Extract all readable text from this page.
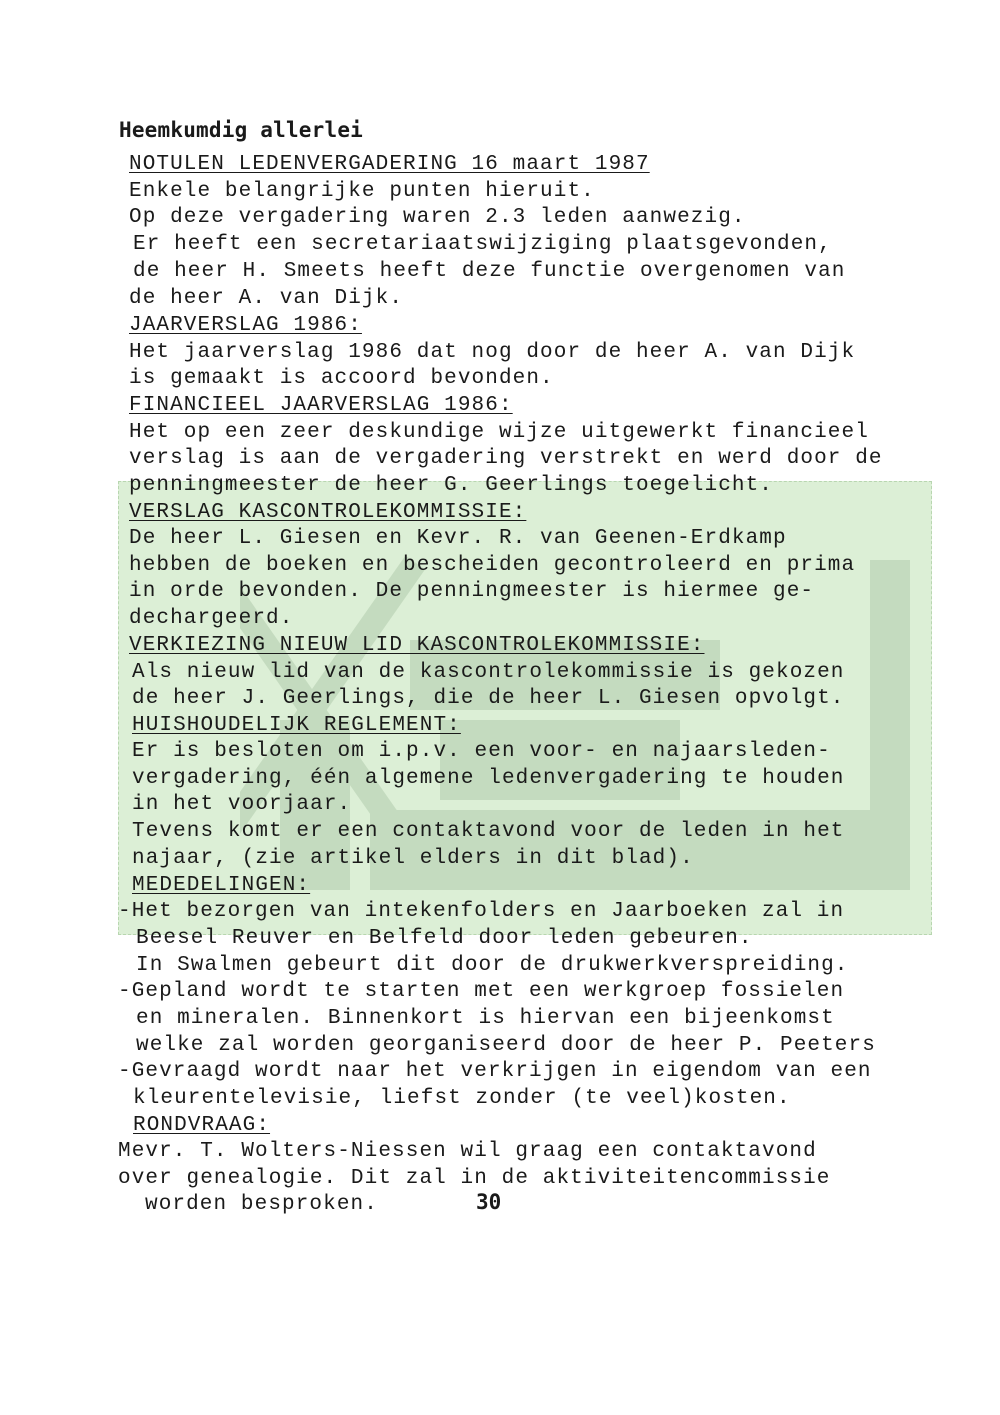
Heemkumdig allerlei
NOTULEN LEDENVERGADERING 16 maart 1987
Enkele belangrijke punten hieruit.
Op deze vergadering waren 2.3 leden aanwezig.
Er heeft een secretariaatswijziging plaatsgevonden,
de heer H. Smeets heeft deze functie overgenomen van
de heer A. van Dijk.
JAARVERSLAG 1986:
Het jaarverslag 1986 dat nog door de heer A. van Dijk
is gemaakt is accoord bevonden.
FINANCIEEL JAARVERSLAG 1986:
Het op een zeer deskundige wijze uitgewerkt financieel
verslag is aan de vergadering verstrekt en werd door de
penningmeester de heer G. Geerlings toegelicht.
VERSLAG KASCONTROLEKOMMISSIE:
De heer L. Giesen en Kevr. R. van Geenen-Erdkamp
hebben de boeken en bescheiden gecontroleerd en prima
in orde bevonden. De penningmeester is hiermee ge-
dechargeerd.
VERKIEZING NIEUW LID KASCONTROLEKOMMISSIE:
Als nieuw lid van de kascontrolekommissie is gekozen
de heer J. Geerlings, die de heer L. Giesen opvolgt.
HUISHOUDELIJK REGLEMENT:
Er is besloten om i.p.v. een voor- en najaarsleden-
vergadering, één algemene ledenvergadering te houden
in het voorjaar.
Tevens komt er een contaktavond voor de leden in het
najaar, (zie artikel elders in dit blad).
MEDEDELINGEN:
-Het bezorgen van intekenfolders en Jaarboeken zal in
Beesel Reuver en Belfeld door leden gebeuren.
In Swalmen gebeurt dit door de drukwerkverspreiding.
-Gepland wordt te starten met een werkgroep fossielen
en mineralen. Binnenkort is hiervan een bijeenkomst
welke zal worden georganiseerd door de heer P. Peeters
-Gevraagd wordt naar het verkrijgen in eigendom van een
kleurentelevisie, liefst zonder (te veel)kosten.
RONDVRAAG:
Mevr. T. Wolters-Niessen wil graag een contaktavond
over genealogie. Dit zal in de aktiviteitencommissie
worden besproken.	30
